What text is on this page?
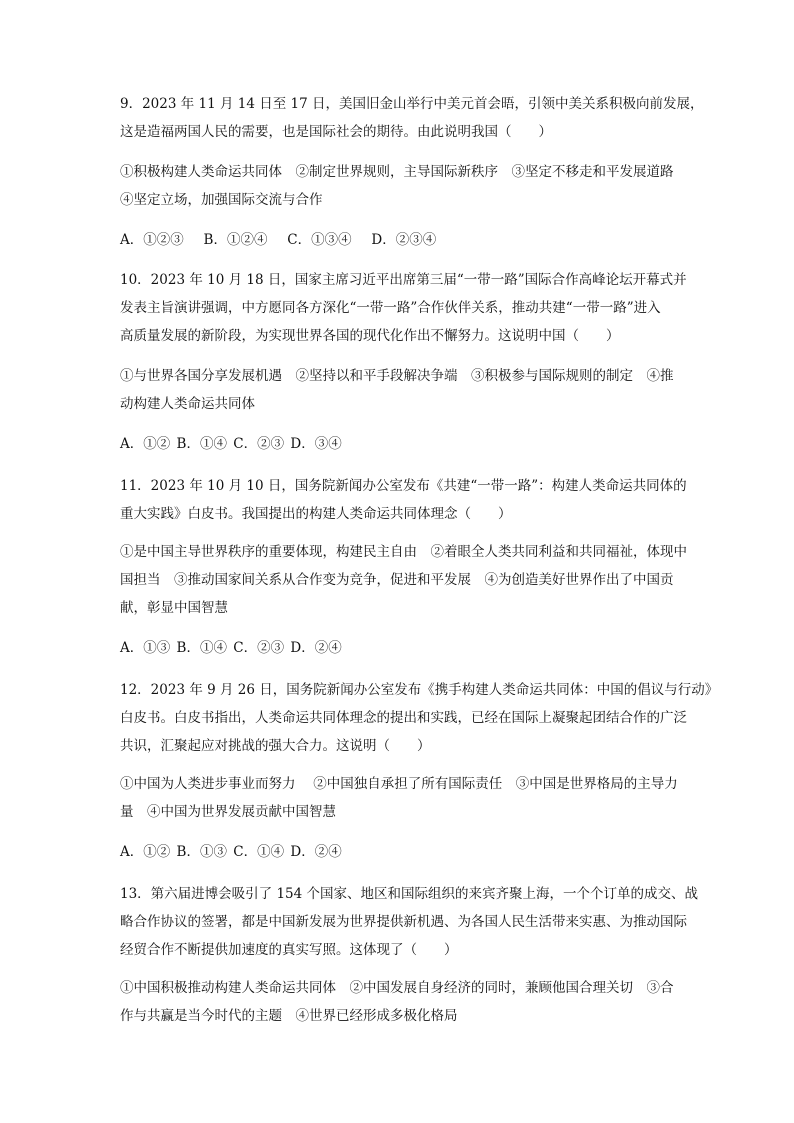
9．2023 年 11 月 14 日至 17 日，美国旧金山举行中美元首会晤，引领中美关系积极向前发展，
这是造福两国人民的需要，也是国际社会的期待。由此说明我国（　　）
①积极构建人类命运共同体　②制定世界规则，主导国际新秩序　③坚定不移走和平发展道路
④坚定立场，加强国际交流与合作
A．①②③　 B．①②④　 C．①③④　 D．②③④
10．2023 年 10 月 18 日，国家主席习近平出席第三届“一带一路”国际合作高峰论坛开幕式并
发表主旨演讲强调，中方愿同各方深化“一带一路”合作伙伴关系，推动共建“一带一路”进入
高质量发展的新阶段，为实现世界各国的现代化作出不懈努力。这说明中国（　　）
①与世界各国分享发展机遇　②坚持以和平手段解决争端　③积极参与国际规则的制定　④推
动构建人类命运共同体
A．①② B．①④ C．②③ D．③④
11．2023 年 10 月 10 日，国务院新闻办公室发布《共建“一带一路”：构建人类命运共同体的
重大实践》白皮书。我国提出的构建人类命运共同体理念（　　）
①是中国主导世界秩序的重要体现，构建民主自由　②着眼全人类共同利益和共同福祉，体现中
国担当　③推动国家间关系从合作变为竞争，促进和平发展　④为创造美好世界作出了中国贡
献，彰显中国智慧
A．①③ B．①④ C．②③ D．②④
12．2023 年 9 月 26 日，国务院新闻办公室发布《携手构建人类命运共同体：中国的倡议与行动》
白皮书。白皮书指出，人类命运共同体理念的提出和实践，已经在国际上凝聚起团结合作的广泛
共识，汇聚起应对挑战的强大合力。这说明（　　）
①中国为人类进步事业而努力　 ②中国独自承担了所有国际责任　③中国是世界格局的主导力
量　④中国为世界发展贡献中国智慧
A．①② B．①③ C．①④ D．②④
13．第六届进博会吸引了 154 个国家、地区和国际组织的来宾齐聚上海，一个个订单的成交、战
略合作协议的签署，都是中国新发展为世界提供新机遇、为各国人民生活带来实惠、为推动国际
经贸合作不断提供加速度的真实写照。这体现了（　　）
①中国积极推动构建人类命运共同体　②中国发展自身经济的同时，兼顾他国合理关切　③合
作与共赢是当今时代的主题　④世界已经形成多极化格局
